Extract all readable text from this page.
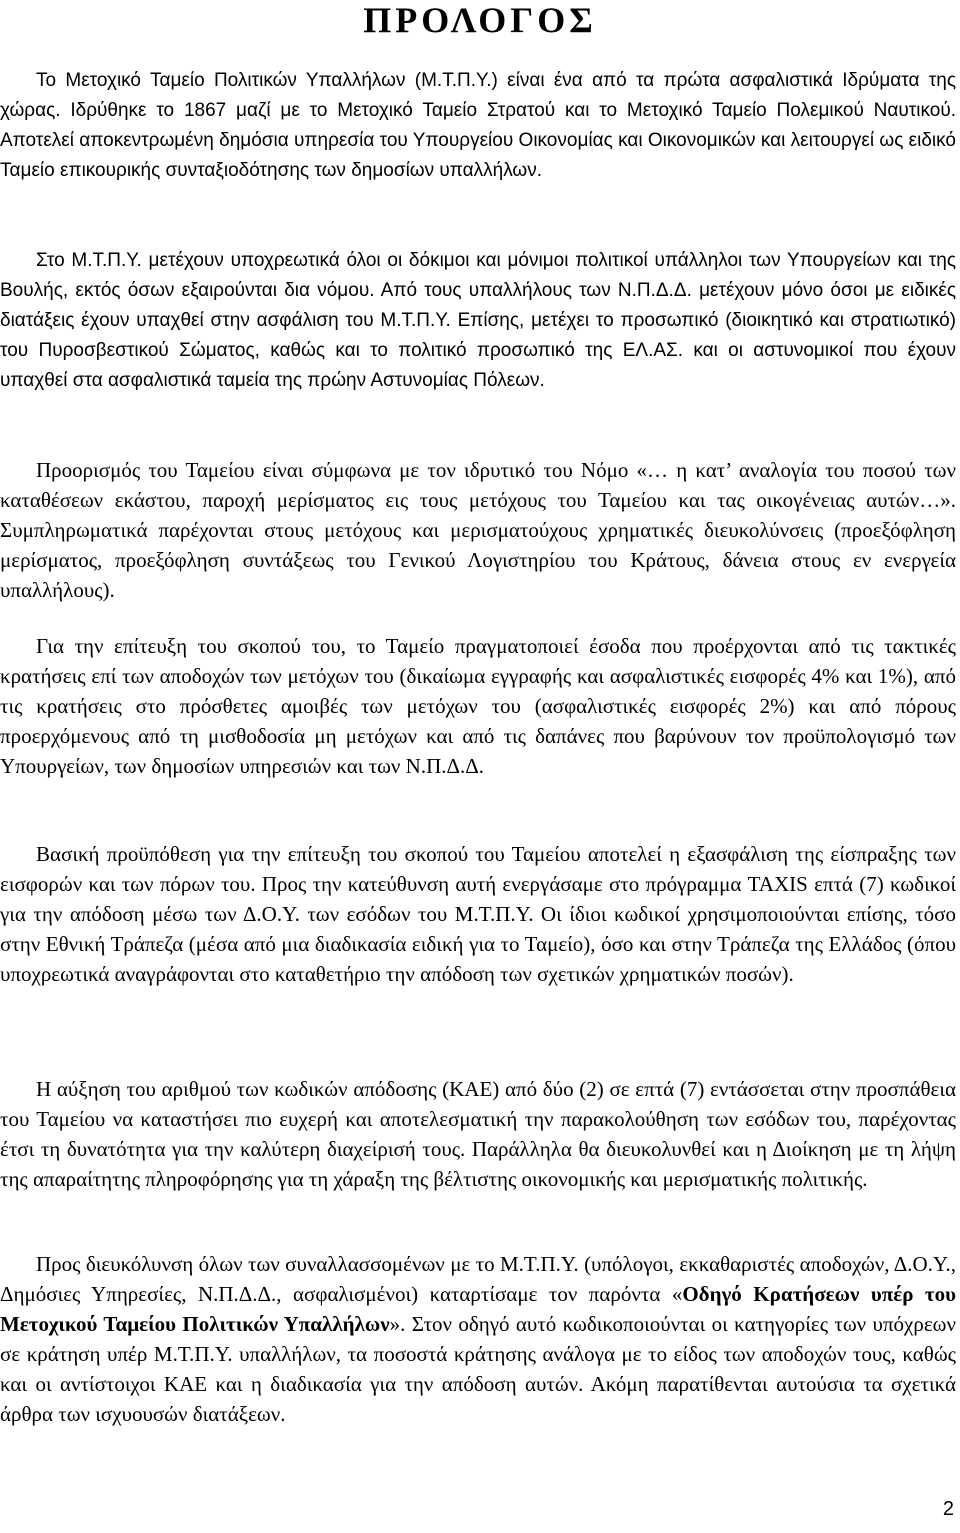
ΠΡΟΛΟΓΟΣ

Το Μετοχικό Ταμείο Πολιτικών Υπαλλήλων (Μ.Τ.Π.Υ.) είναι ένα από τα πρώτα ασφαλιστικά Ιδρύματα της χώρας. Ιδρύθηκε το 1867 μαζί με το Μετοχικό Ταμείο Στρατού και το Μετοχικό Ταμείο Πολεμικού Ναυτικού. Αποτελεί αποκεντρωμένη δημόσια υπηρεσία του Υπουργείου Οικονομίας και Οικονομικών και λειτουργεί ως ειδικό Ταμείο επικουρικής συνταξιοδότησης των δημοσίων υπαλλήλων.

Στο Μ.Τ.Π.Υ. μετέχουν υποχρεωτικά όλοι οι δόκιμοι και μόνιμοι πολιτικοί υπάλληλοι των Υπουργείων και της Βουλής, εκτός όσων εξαιρούνται δια νόμου. Από τους υπαλλήλους των Ν.Π.Δ.Δ. μετέχουν μόνο όσοι με ειδικές διατάξεις έχουν υπαχθεί στην ασφάλιση του Μ.Τ.Π.Υ. Επίσης, μετέχει το προσωπικό (διοικητικό και στρατιωτικό) του Πυροσβεστικού Σώματος, καθώς και το πολιτικό προσωπικό της ΕΛ.ΑΣ. και οι αστυνομικοί που έχουν υπαχθεί στα ασφαλιστικά ταμεία της πρώην Αστυνομίας Πόλεων.

Προορισμός του Ταμείου είναι σύμφωνα με τον ιδρυτικό του Νόμο «… η κατ’ αναλογία του ποσού των καταθέσεων εκάστου, παροχή μερίσματος εις τους μετόχους του Ταμείου και τας οικογένειας αυτών…». Συμπληρωματικά παρέχονται στους μετόχους και μερισματούχους χρηματικές διευκολύνσεις (προεξόφληση μερίσματος, προεξόφληση συντάξεως του Γενικού Λογιστηρίου του Κράτους, δάνεια στους εν ενεργεία υπαλλήλους).

Για την επίτευξη του σκοπού του, το Ταμείο πραγματοποιεί έσοδα που προέρχονται από τις τακτικές κρατήσεις επί των αποδοχών των μετόχων του (δικαίωμα εγγραφής και ασφαλιστικές εισφορές 4% και 1%), από τις κρατήσεις στο πρόσθετες αμοιβές των μετόχων του (ασφαλιστικές εισφορές 2%) και από πόρους προερχόμενους από τη μισθοδοσία μη μετόχων και από τις δαπάνες που βαρύνουν τον προϋπολογισμό των Υπουργείων, των δημοσίων υπηρεσιών και των Ν.Π.Δ.Δ.

Βασική προϋπόθεση για την επίτευξη του σκοπού του Ταμείου αποτελεί η εξασφάλιση της είσπραξης των εισφορών και των πόρων του. Προς την κατεύθυνση αυτή ενεργάσαμε στο πρόγραμμα TAXIS επτά (7) κωδικοί για την απόδοση μέσω των Δ.Ο.Υ. των εσόδων του Μ.Τ.Π.Υ. Οι ίδιοι κωδικοί χρησιμοποιούνται επίσης, τόσο στην Εθνική Τράπεζα (μέσα από μια διαδικασία ειδική για το Ταμείο), όσο και στην Τράπεζα της Ελλάδος (όπου υποχρεωτικά αναγράφονται στο καταθετήριο την απόδοση των σχετικών χρηματικών ποσών).

Η αύξηση του αριθμού των κωδικών απόδοσης (ΚΑΕ) από δύο (2) σε επτά (7) εντάσσεται στην προσπάθεια του Ταμείου να καταστήσει πιο ευχερή και αποτελεσματική την παρακολούθηση των εσόδων του, παρέχοντας έτσι τη δυνατότητα για την καλύτερη διαχείρισή τους. Παράλληλα θα διευκολυνθεί και η Διοίκηση με τη λήψη της απαραίτητης πληροφόρησης για τη χάραξη της βέλτιστης οικονομικής και μερισματικής πολιτικής.

Προς διευκόλυνση όλων των συναλλασσομένων με το Μ.Τ.Π.Υ. (υπόλογοι, εκκαθαριστές αποδοχών, Δ.Ο.Υ., Δημόσιες Υπηρεσίες, Ν.Π.Δ.Δ., ασφαλισμένοι) καταρτίσαμε τον παρόντα «Οδηγό Κρατήσεων υπέρ του Μετοχικού Ταμείου Πολιτικών Υπαλλήλων». Στον οδηγό αυτό κωδικοποιούνται οι κατηγορίες των υπόχρεων σε κράτηση υπέρ Μ.Τ.Π.Υ. υπαλλήλων, τα ποσοστά κράτησης ανάλογα με το είδος των αποδοχών τους, καθώς και οι αντίστοιχοι ΚΑΕ και η διαδικασία για την απόδοση αυτών. Ακόμη παρατίθενται αυτούσια τα σχετικά άρθρα των ισχυουσών διατάξεων.

2
